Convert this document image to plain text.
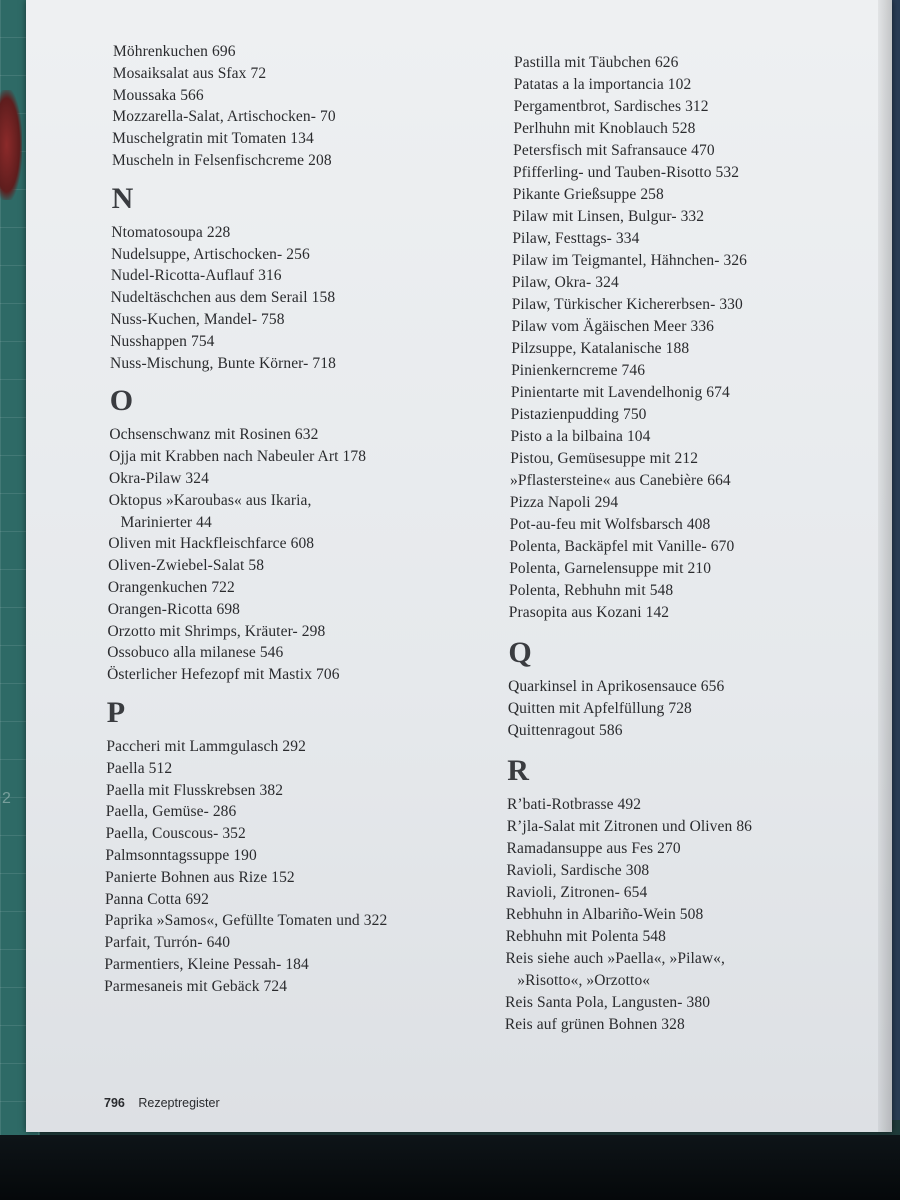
2
Möhrenkuchen 696
Mosaiksalat aus Sfax 72
Moussaka 566
Mozzarella-Salat, Artischocken- 70
Muschelgratin mit Tomaten 134
Muscheln in Felsenfischcreme 208
N
Ntomatosoupa 228
Nudelsuppe, Artischocken- 256
Nudel-Ricotta-Auflauf 316
Nudeltäschchen aus dem Serail 158
Nuss-Kuchen, Mandel- 758
Nusshappen 754
Nuss-Mischung, Bunte Körner- 718
O
Ochsenschwanz mit Rosinen 632
Ojja mit Krabben nach Nabeuler Art 178
Okra-Pilaw 324
Oktopus »Karoubas« aus Ikaria,
Marinierter 44
Oliven mit Hackfleischfarce 608
Oliven-Zwiebel-Salat 58
Orangenkuchen 722
Orangen-Ricotta 698
Orzotto mit Shrimps, Kräuter- 298
Ossobuco alla milanese 546
Österlicher Hefezopf mit Mastix 706
P
Paccheri mit Lammgulasch 292
Paella 512
Paella mit Flusskrebsen 382
Paella, Gemüse- 286
Paella, Couscous- 352
Palmsonntagssuppe 190
Panierte Bohnen aus Rize 152
Panna Cotta 692
Paprika »Samos«, Gefüllte Tomaten und 322
Parfait, Turrón- 640
Parmentiers, Kleine Pessah- 184
Parmesaneis mit Gebäck 724
Pastilla mit Täubchen 626
Patatas a la importancia 102
Pergamentbrot, Sardisches 312
Perlhuhn mit Knoblauch 528
Petersfisch mit Safransauce 470
Pfifferling- und Tauben-Risotto 532
Pikante Grießsuppe 258
Pilaw mit Linsen, Bulgur- 332
Pilaw, Festtags- 334
Pilaw im Teigmantel, Hähnchen- 326
Pilaw, Okra- 324
Pilaw, Türkischer Kichererbsen- 330
Pilaw vom Ägäischen Meer 336
Pilzsuppe, Katalanische 188
Pinienkerncreme 746
Pinientarte mit Lavendelhonig 674
Pistazienpudding 750
Pisto a la bilbaina 104
Pistou, Gemüsesuppe mit 212
»Pflastersteine« aus Canebière 664
Pizza Napoli 294
Pot-au-feu mit Wolfsbarsch 408
Polenta, Backäpfel mit Vanille- 670
Polenta, Garnelensuppe mit 210
Polenta, Rebhuhn mit 548
Prasopita aus Kozani 142
Q
Quarkinsel in Aprikosensauce 656
Quitten mit Apfelfüllung 728
Quittenragout 586
R
R’bati-Rotbrasse 492
R’jla-Salat mit Zitronen und Oliven 86
Ramadansuppe aus Fes 270
Ravioli, Sardische 308
Ravioli, Zitronen- 654
Rebhuhn in Albariño-Wein 508
Rebhuhn mit Polenta 548
Reis siehe auch »Paella«, »Pilaw«,
»Risotto«, »Orzotto«
Reis Santa Pola, Langusten- 380
Reis auf grünen Bohnen 328
796 Rezeptregister
